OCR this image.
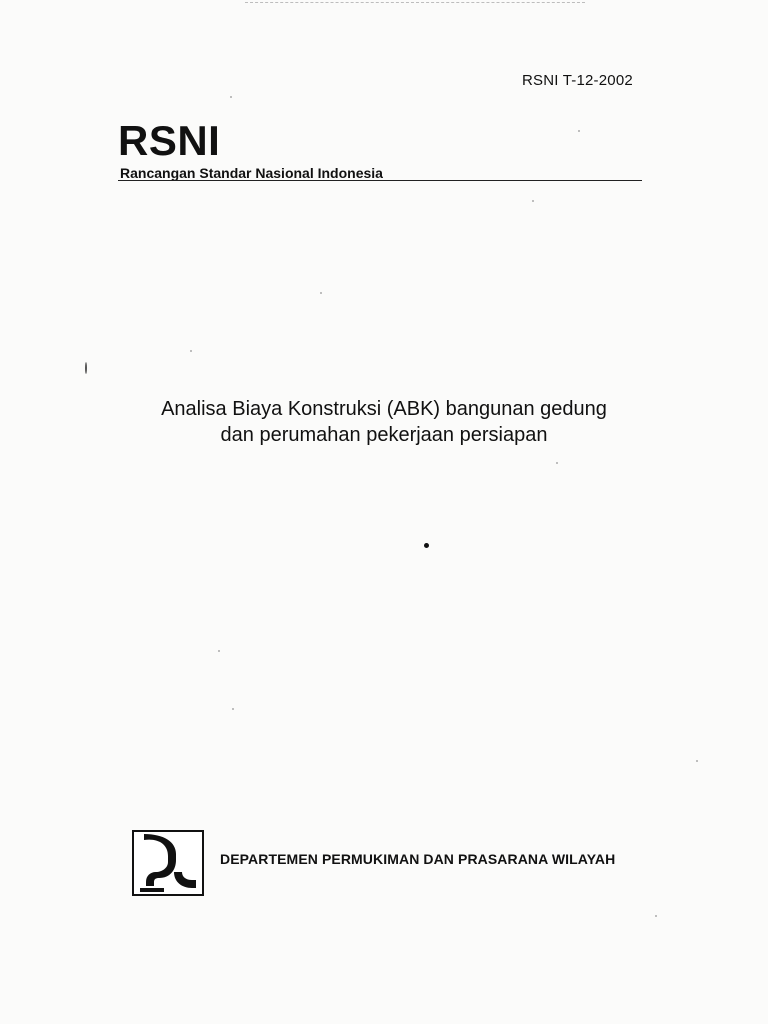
RSNI T-12-2002
RSNI
Rancangan Standar Nasional Indonesia
Analisa Biaya Konstruksi (ABK) bangunan gedung
dan perumahan pekerjaan persiapan
DEPARTEMEN PERMUKIMAN DAN PRASARANA WILAYAH
